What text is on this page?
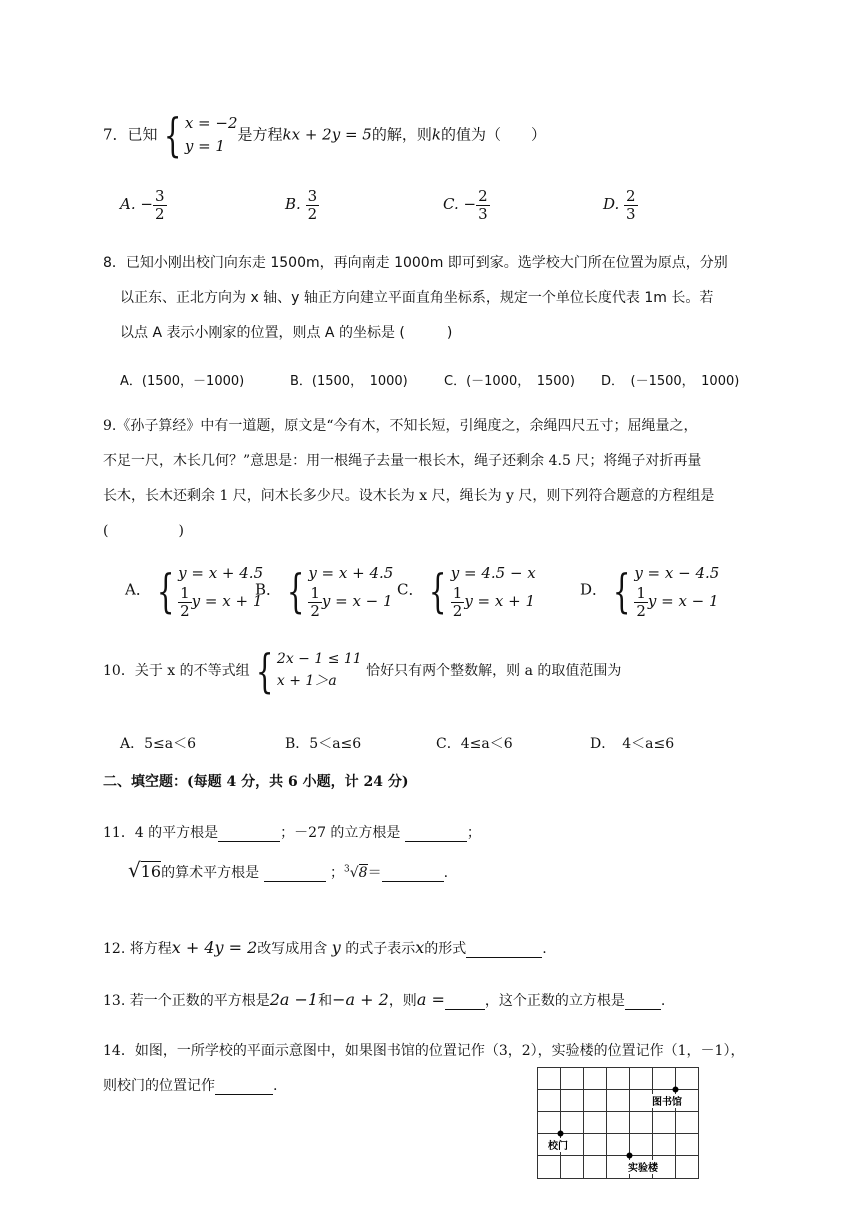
7．已知 { x = −2
y = 1
是方程kx + 2y = 5的解，则k的值为（　　）
A. − $\frac{3}{2}$	B. $\frac{3}{2}$	C. − $\frac{2}{3}$	D. $\frac{2}{3}$
8．已知小刚出校门向东走 1500m，再向南走 1000m 即可到家。选学校大门所在位置为原点，分别
以正东、正北方向为 x 轴、y 轴正方向建立平面直角坐标系，规定一个单位长度代表 1m 长。若
以点 A 表示小刚家的位置，则点 A 的坐标是 (　　　)
A．(1500，－1000)	B．(1500，　1000)	C．(－1000，　1500) D．　(－1500，　1000)
9.《孙子算经》中有一道题，原文是“今有木，不知长短，引绳度之，余绳四尺五寸；屈绳量之，
不足一尺，木长几何？”意思是：用一根绳子去量一根长木，绳子还剩余 4.5 尺；将绳子对折再量
长木，长木还剩余 1 尺，问木长多少尺。设木长为 x 尺，绳长为 y 尺，则下列符合题意的方程组是
(　　　　　)
A． { y = x + 4.5
$\frac{1}{2}$ y = x + 1
B． { y = x + 4.5
$\frac{1}{2}$ y = x − 1
C． { y = 4.5 − x
$\frac{1}{2}$ y = x + 1
D． { y = x − 4.5
$\frac{1}{2}$ y = x − 1
10．关于 x 的不等式组 { 2x − 1 ≤ 11
x + 1＞a
恰好只有两个整数解，则 a 的取值范围为
A．5≤a＜6	B．5＜a≤6	C．4≤a＜6	D．　4＜a≤6
二、填空题：(每题 4 分，共 6 小题，计 24 分)
11．4 的平方根是	；－27 的立方根是	；
√16的算术平方根是	；$^3$√8＝	.
12. 将方程x + 4y = 2改写成用含 y 的式子表示x的形式	.
13. 若一个正数的平方根是2a −1和−a + 2，则a =	，这个正数的立方根是	.
14．如图，一所学校的平面示意图中，如果图书馆的位置记作（3，2），实验楼的位置记作（1，－1），
则校门的位置记作	.
图书馆
校门
实验楼
